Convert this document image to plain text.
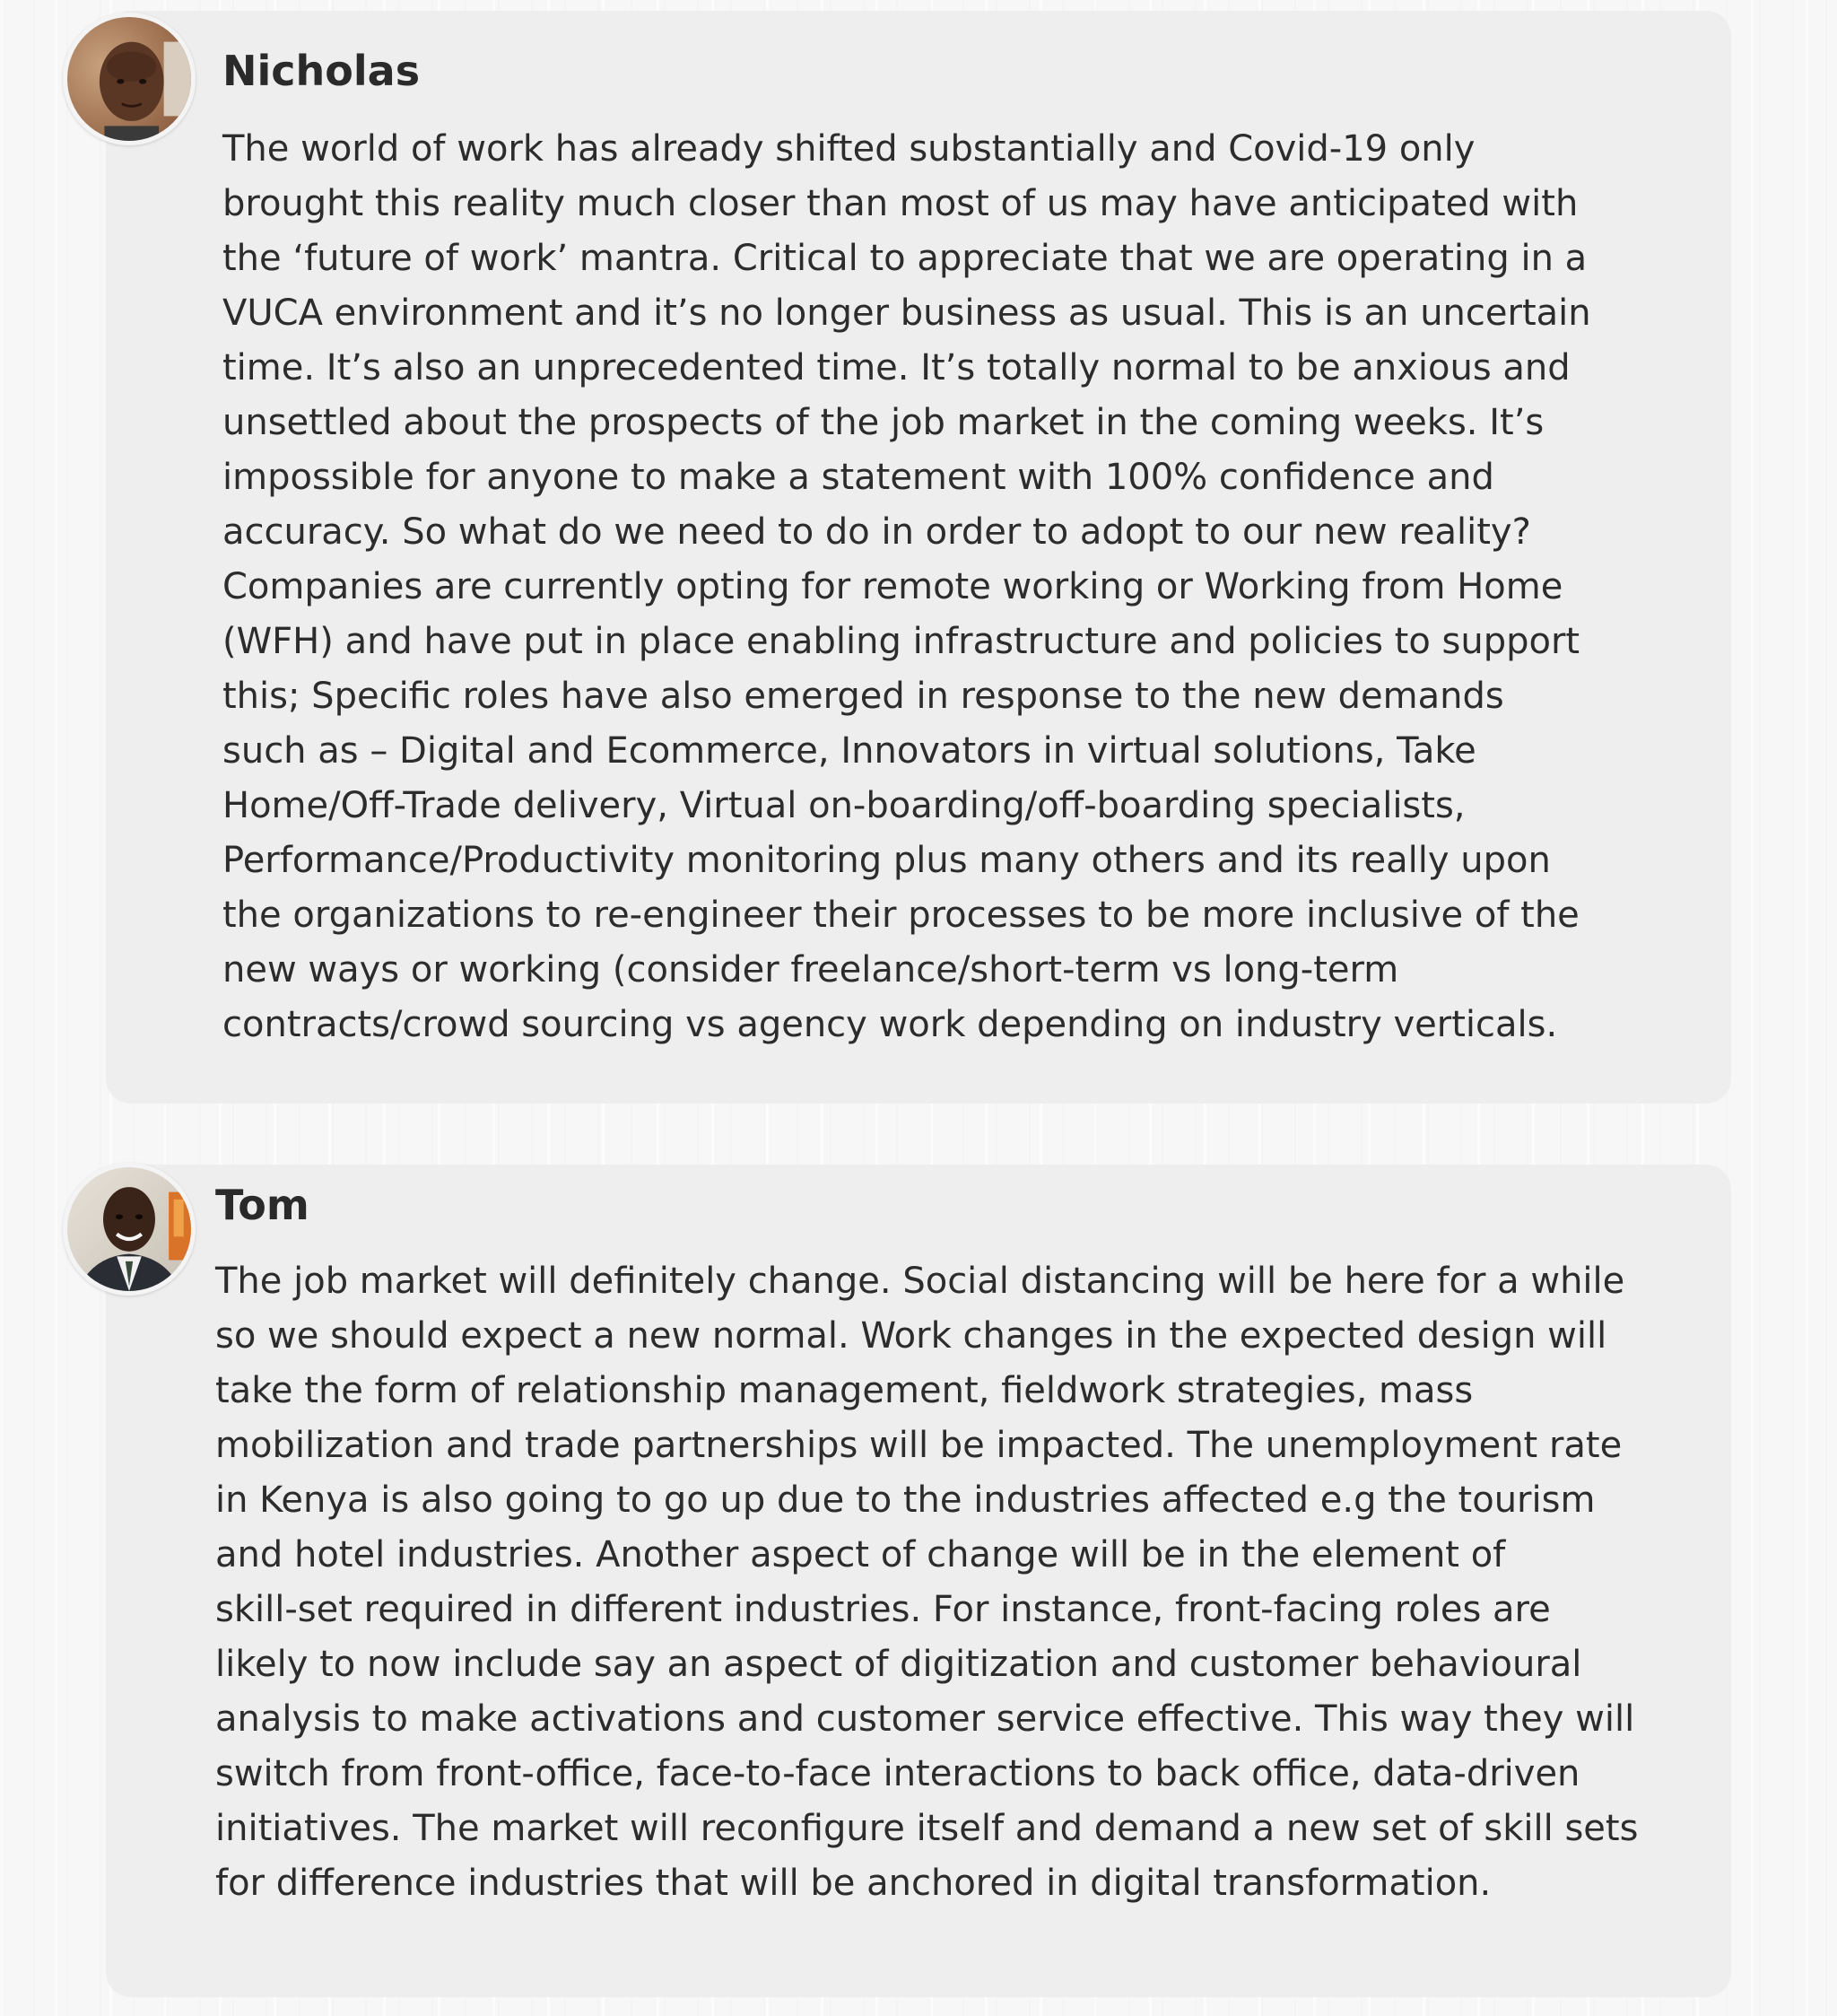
Nicholas

The world of work has already shifted substantially and Covid-19 only
brought this reality much closer than most of us may have anticipated with
the ‘future of work’ mantra. Critical to appreciate that we are operating in a
VUCA environment and it’s no longer business as usual. This is an uncertain
time. It’s also an unprecedented time. It’s totally normal to be anxious and
unsettled about the prospects of the job market in the coming weeks. It’s
impossible for anyone to make a statement with 100% confidence and
accuracy. So what do we need to do in order to adopt to our new reality?
Companies are currently opting for remote working or Working from Home
(WFH) and have put in place enabling infrastructure and policies to support
this; Specific roles have also emerged in response to the new demands
such as – Digital and Ecommerce, Innovators in virtual solutions, Take
Home/Off-Trade delivery, Virtual on-boarding/off-boarding specialists,
Performance/Productivity monitoring plus many others and its really upon
the organizations to re-engineer their processes to be more inclusive of the
new ways or working (consider freelance/short-term vs long-term
contracts/crowd sourcing vs agency work depending on industry verticals.

Tom

The job market will definitely change. Social distancing will be here for a while
so we should expect a new normal. Work changes in the expected design will
take the form of relationship management, fieldwork strategies, mass
mobilization and trade partnerships will be impacted. The unemployment rate
in Kenya is also going to go up due to the industries affected e.g the tourism
and hotel industries. Another aspect of change will be in the element of
skill-set required in different industries. For instance, front-facing roles are
likely to now include say an aspect of digitization and customer behavioural
analysis to make activations and customer service effective. This way they will
switch from front-office, face-to-face interactions to back office, data-driven
initiatives. The market will reconfigure itself and demand a new set of skill sets
for difference industries that will be anchored in digital transformation.
